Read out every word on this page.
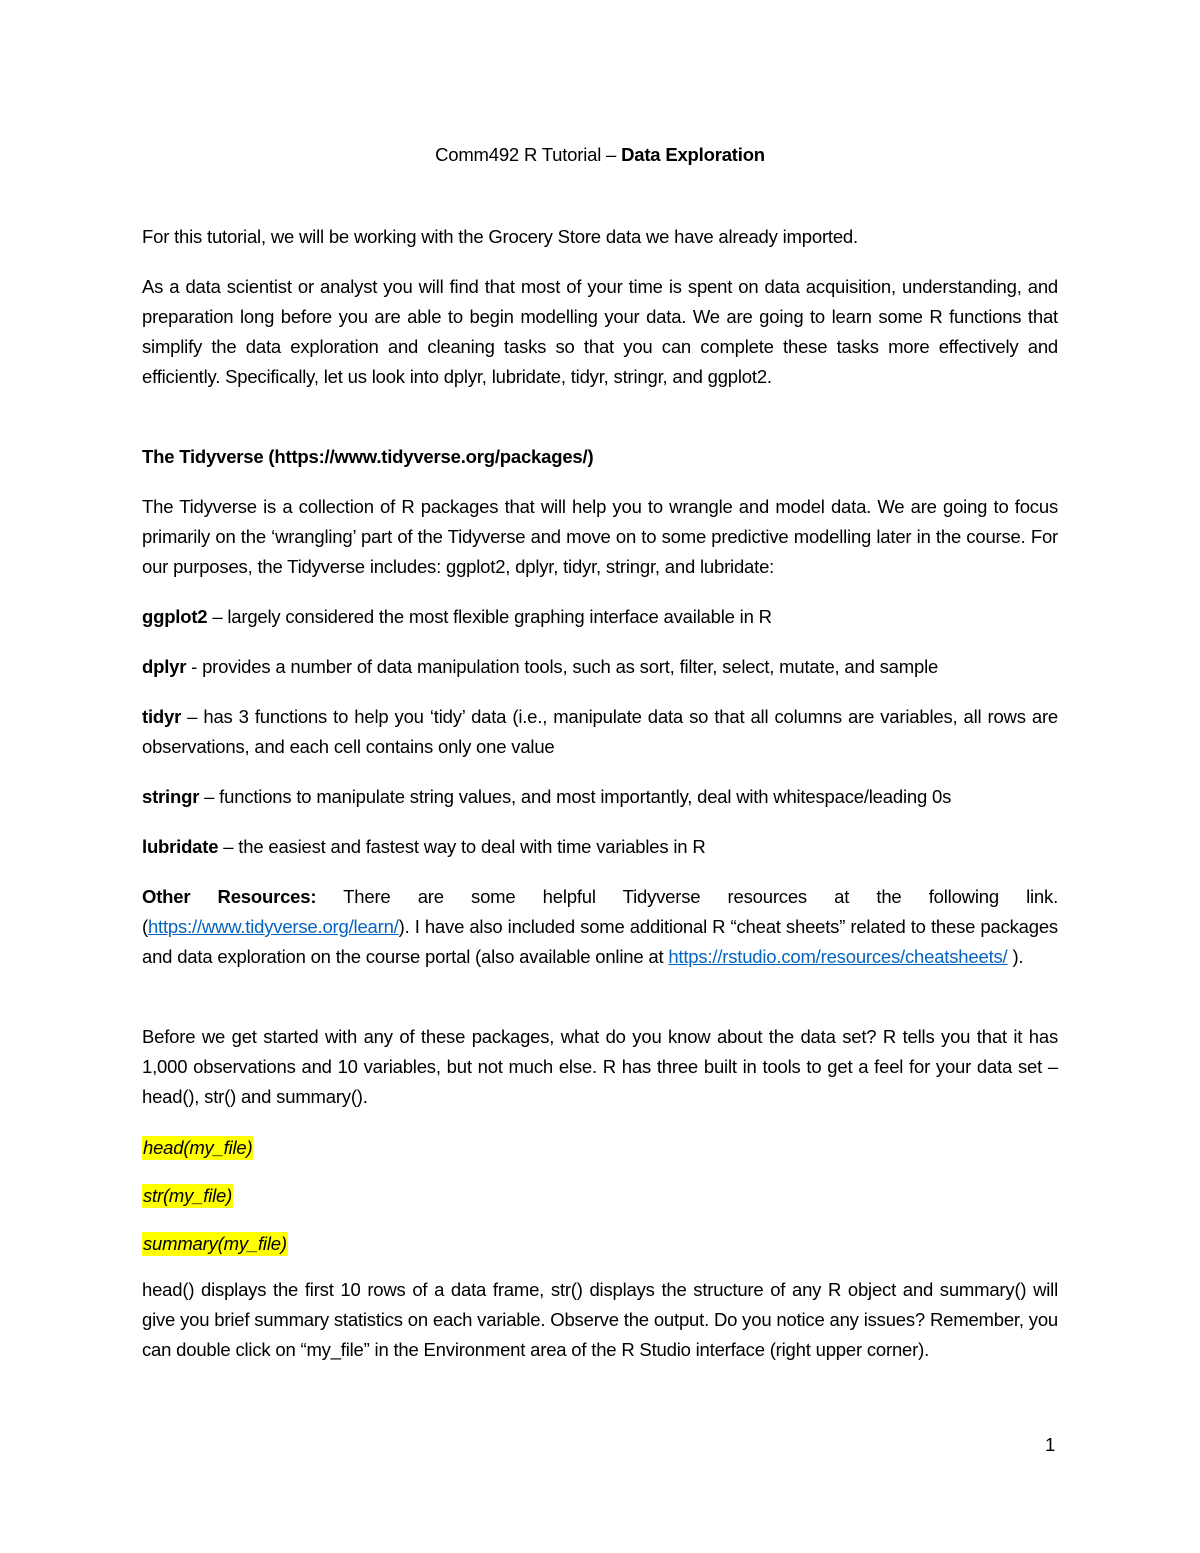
Comm492 R Tutorial – Data Exploration

For this tutorial, we will be working with the Grocery Store data we have already imported.

As a data scientist or analyst you will find that most of your time is spent on data acquisition, understanding, and preparation long before you are able to begin modelling your data. We are going to learn some R functions that simplify the data exploration and cleaning tasks so that you can complete these tasks more effectively and efficiently. Specifically, let us look into dplyr, lubridate, tidyr, stringr, and ggplot2.

The Tidyverse (https://www.tidyverse.org/packages/)

The Tidyverse is a collection of R packages that will help you to wrangle and model data. We are going to focus primarily on the ‘wrangling’ part of the Tidyverse and move on to some predictive modelling later in the course. For our purposes, the Tidyverse includes: ggplot2, dplyr, tidyr, stringr, and lubridate:

ggplot2 – largely considered the most flexible graphing interface available in R

dplyr - provides a number of data manipulation tools, such as sort, filter, select, mutate, and sample

tidyr – has 3 functions to help you ‘tidy’ data (i.e., manipulate data so that all columns are variables, all rows are observations, and each cell contains only one value

stringr – functions to manipulate string values, and most importantly, deal with whitespace/leading 0s

lubridate – the easiest and fastest way to deal with time variables in R

Other Resources: There are some helpful Tidyverse resources at the following link. (https://www.tidyverse.org/learn/). I have also included some additional R “cheat sheets” related to these packages and data exploration on the course portal (also available online at https://rstudio.com/resources/cheatsheets/ ).

Before we get started with any of these packages, what do you know about the data set? R tells you that it has 1,000 observations and 10 variables, but not much else. R has three built in tools to get a feel for your data set – head(), str() and summary().

head(my_file)

str(my_file)

summary(my_file)

head() displays the first 10 rows of a data frame, str() displays the structure of any R object and summary() will give you brief summary statistics on each variable. Observe the output. Do you notice any issues? Remember, you can double click on “my_file” in the Environment area of the R Studio interface (right upper corner).

1
